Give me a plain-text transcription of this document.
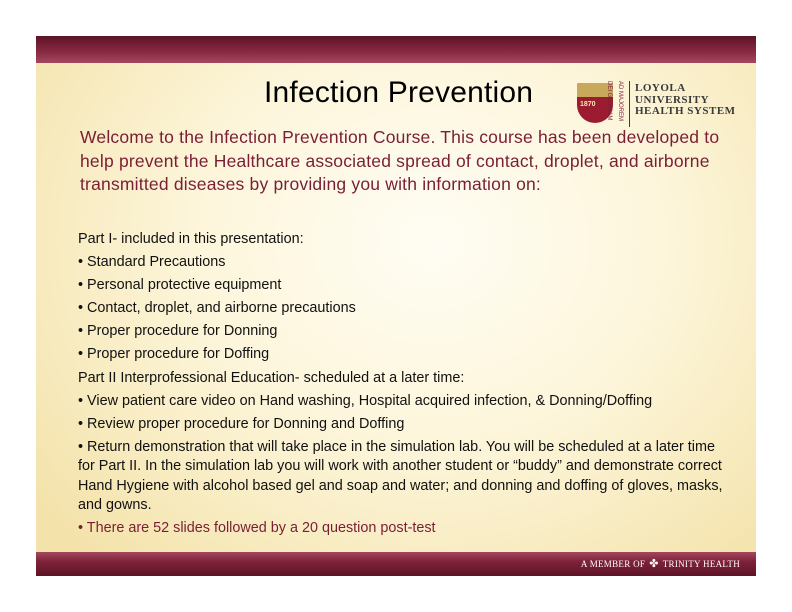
Infection Prevention	1870	AD MAJOREM DEI GLORIAM	LOYOLA
UNIVERSITY
HEALTH SYSTEM
Welcome to the Infection Prevention Course. This course has been developed to help prevent the Healthcare associated spread of contact, droplet, and airborne transmitted diseases by providing you with information on:
Part I- included in this presentation:
• Standard Precautions
• Personal protective equipment
• Contact, droplet, and airborne precautions
• Proper procedure for Donning
• Proper procedure for Doffing
Part II Interprofessional Education- scheduled at a later time:
• View patient care video on Hand washing, Hospital acquired infection, & Donning/Doffing
• Review proper procedure for Donning and Doffing
• Return demonstration that will take place in the simulation lab. You will be scheduled at a later time for Part II. In the simulation lab you will work with another student or “buddy” and demonstrate correct Hand Hygiene with alcohol based gel and soap and water; and donning and doffing of gloves, masks, and gowns.
• There are 52 slides followed by a 20 question post-test
A MEMBER OF ✤ TRINITY HEALTH
